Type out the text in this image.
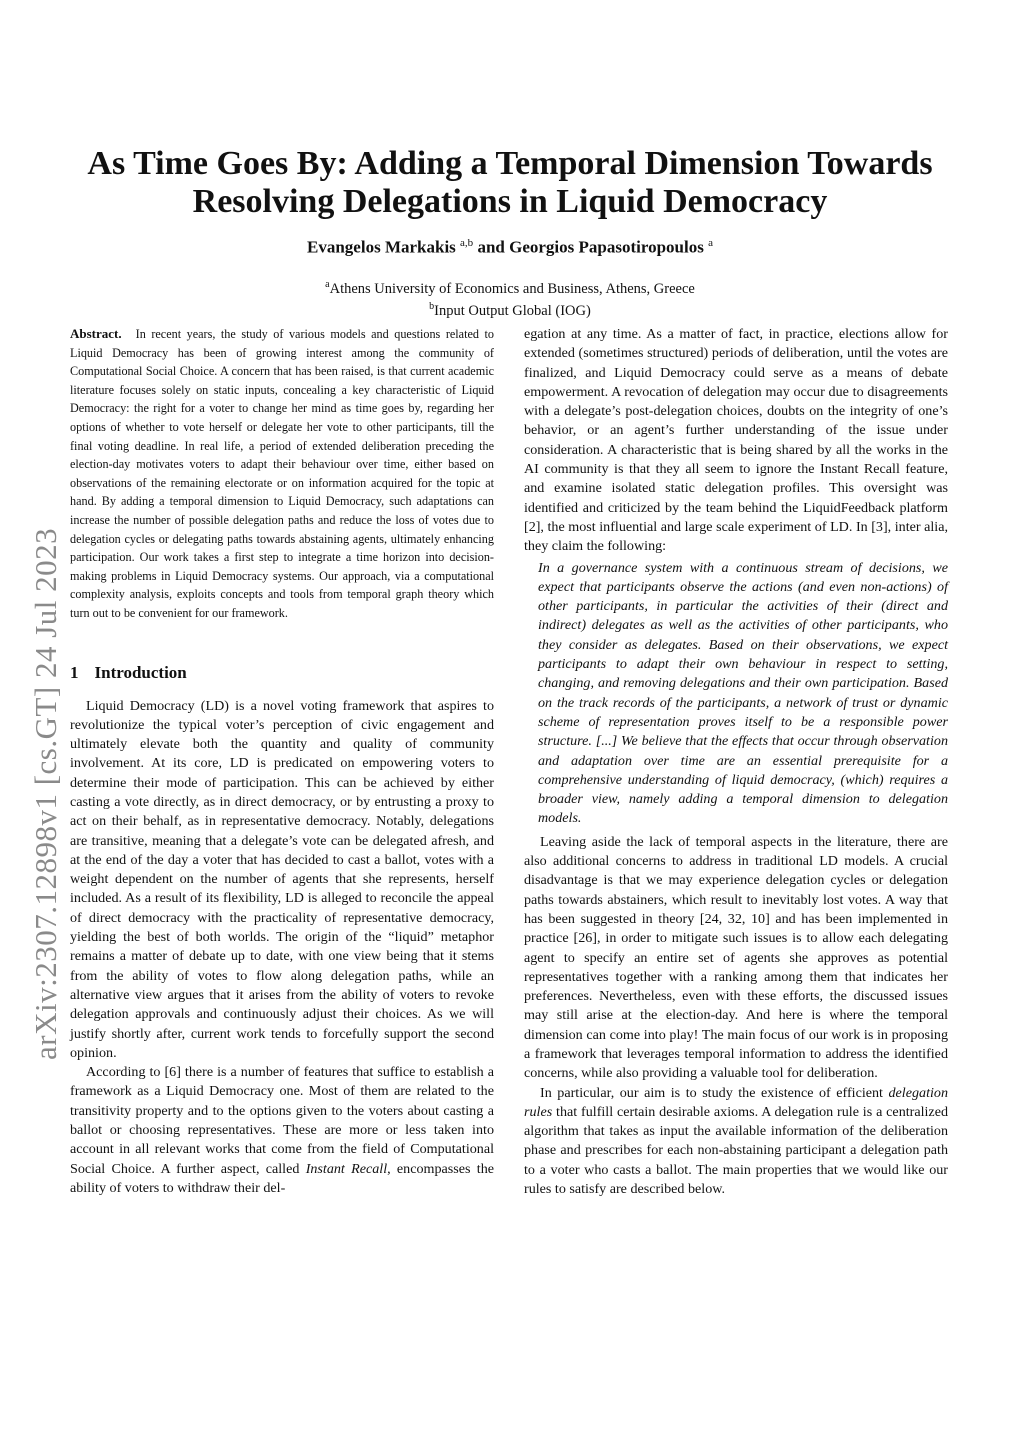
arXiv:2307.12898v1 [cs.GT] 24 Jul 2023
As Time Goes By: Adding a Temporal Dimension Towards Resolving Delegations in Liquid Democracy
Evangelos Markakis $^{a,b}$ and Georgios Papasotiropoulos $^a$
$^a$Athens University of Economics and Business, Athens, Greece
$^b$Input Output Global (IOG)

Abstract. In recent years, the study of various models and questions related to Liquid Democracy has been of growing interest among the community of Computational Social Choice. A concern that has been raised, is that current academic literature focuses solely on static inputs, concealing a key characteristic of Liquid Democracy: the right for a voter to change her mind as time goes by, regarding her options of whether to vote herself or delegate her vote to other participants, till the final voting deadline. In real life, a period of extended deliberation preceding the election-day motivates voters to adapt their behaviour over time, either based on observations of the remaining electorate or on information acquired for the topic at hand. By adding a temporal dimension to Liquid Democracy, such adaptations can increase the number of possible delegation paths and reduce the loss of votes due to delegation cycles or delegating paths towards abstaining agents, ultimately enhancing participation. Our work takes a first step to integrate a time horizon into decision-making problems in Liquid Democracy systems. Our approach, via a computational complexity analysis, exploits concepts and tools from temporal graph theory which turn out to be convenient for our framework.

1 Introduction

Liquid Democracy (LD) is a novel voting framework that aspires to revolutionize the typical voter’s perception of civic engagement and ultimately elevate both the quantity and quality of community involvement. At its core, LD is predicated on empowering voters to determine their mode of participation. This can be achieved by either casting a vote directly, as in direct democracy, or by entrusting a proxy to act on their behalf, as in representative democracy. Notably, delegations are transitive, meaning that a delegate’s vote can be delegated afresh, and at the end of the day a voter that has decided to cast a ballot, votes with a weight dependent on the number of agents that she represents, herself included. As a result of its flexibility, LD is alleged to reconcile the appeal of direct democracy with the practicality of representative democracy, yielding the best of both worlds. The origin of the “liquid” metaphor remains a matter of debate up to date, with one view being that it stems from the ability of votes to flow along delegation paths, while an alternative view argues that it arises from the ability of voters to revoke delegation approvals and continuously adjust their choices. As we will justify shortly after, current work tends to forcefully support the second opinion.

According to [6] there is a number of features that suffice to establish a framework as a Liquid Democracy one. Most of them are related to the transitivity property and to the options given to the voters about casting a ballot or choosing representatives. These are more or less taken into account in all relevant works that come from the field of Computational Social Choice. A further aspect, called Instant Recall, encompasses the ability of voters to withdraw their del-

egation at any time. As a matter of fact, in practice, elections allow for extended (sometimes structured) periods of deliberation, until the votes are finalized, and Liquid Democracy could serve as a means of debate empowerment. A revocation of delegation may occur due to disagreements with a delegate’s post-delegation choices, doubts on the integrity of one’s behavior, or an agent’s further understanding of the issue under consideration. A characteristic that is being shared by all the works in the AI community is that they all seem to ignore the Instant Recall feature, and examine isolated static delegation profiles. This oversight was identified and criticized by the team behind the LiquidFeedback platform [2], the most influential and large scale experiment of LD. In [3], inter alia, they claim the following:

In a governance system with a continuous stream of decisions, we expect that participants observe the actions (and even non-actions) of other participants, in particular the activities of their (direct and indirect) delegates as well as the activities of other participants, who they consider as delegates. Based on their observations, we expect participants to adapt their own behaviour in respect to setting, changing, and removing delegations and their own participation. Based on the track records of the participants, a network of trust or dynamic scheme of representation proves itself to be a responsible power structure. [...] We believe that the effects that occur through observation and adaptation over time are an essential prerequisite for a comprehensive understanding of liquid democracy, (which) requires a broader view, namely adding a temporal dimension to delegation models.

Leaving aside the lack of temporal aspects in the literature, there are also additional concerns to address in traditional LD models. A crucial disadvantage is that we may experience delegation cycles or delegation paths towards abstainers, which result to inevitably lost votes. A way that has been suggested in theory [24, 32, 10] and has been implemented in practice [26], in order to mitigate such issues is to allow each delegating agent to specify an entire set of agents she approves as potential representatives together with a ranking among them that indicates her preferences. Nevertheless, even with these efforts, the discussed issues may still arise at the election-day. And here is where the temporal dimension can come into play! The main focus of our work is in proposing a framework that leverages temporal information to address the identified concerns, while also providing a valuable tool for deliberation.

In particular, our aim is to study the existence of efficient delegation rules that fulfill certain desirable axioms. A delegation rule is a centralized algorithm that takes as input the available information of the deliberation phase and prescribes for each non-abstaining participant a delegation path to a voter who casts a ballot. The main properties that we would like our rules to satisfy are described below.
